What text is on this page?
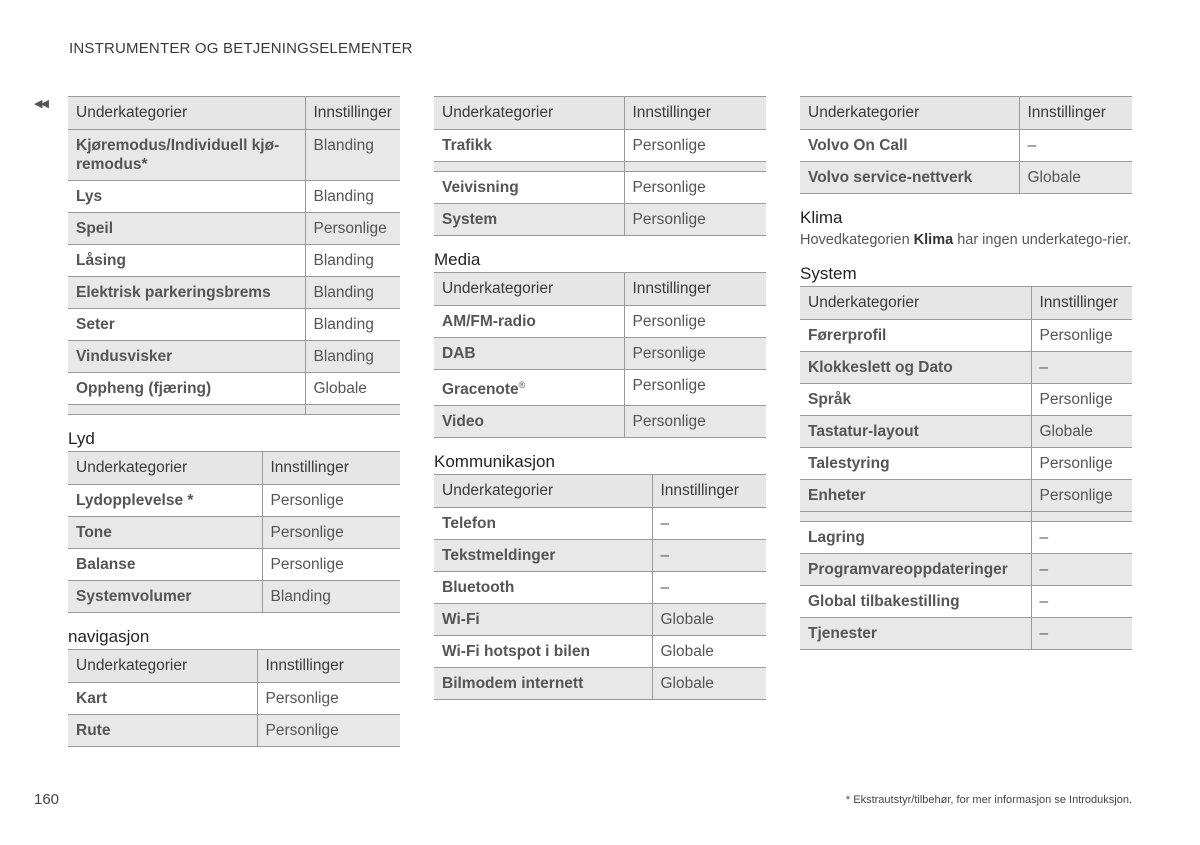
INSTRUMENTER OG BETJENINGSELEMENTER
◀◀ Underkategorier	Innstillinger
Kjøremodus/Individuell kjø-remodus*	Blanding
Lys	Blanding
Speil	Personlige
Låsing	Blanding
Elektrisk parkeringsbrems	Blanding
Seter	Blanding
Vindusvisker	Blanding
Oppheng (fjæring)	Globale

Lyd
Underkategorier	Innstillinger
Lydopplevelse *	Personlige
Tone	Personlige
Balanse	Personlige
Systemvolumer	Blanding
navigasjon
Underkategorier	Innstillinger
Kart	Personlige
Rute	Personlige
Underkategorier	Innstillinger
Trafikk	Personlige

Veivisning	Personlige
System	Personlige
Media
Underkategorier	Innstillinger
AM/FM-radio	Personlige
DAB	Personlige
Gracenote®	Personlige
Video	Personlige
Kommunikasjon
Underkategorier	Innstillinger
Telefon	–
Tekstmeldinger	–
Bluetooth	–
Wi-Fi	Globale
Wi-Fi hotspot i bilen	Globale
Bilmodem internett	Globale
Underkategorier	Innstillinger
Volvo On Call	–
Volvo service-nettverk	Globale
Klima

Hovedkategorien Klima har ingen underkatego-rier.

System
Underkategorier	Innstillinger
Førerprofil	Personlige
Klokkeslett og Dato	–
Språk	Personlige
Tastatur-layout	Globale
Talestyring	Personlige
Enheter	Personlige

Lagring	–
Programvareoppdateringer	–
Global tilbakestilling	–
Tjenester	–
160	* Ekstrautstyr/tilbehør, for mer informasjon se Introduksjon.
